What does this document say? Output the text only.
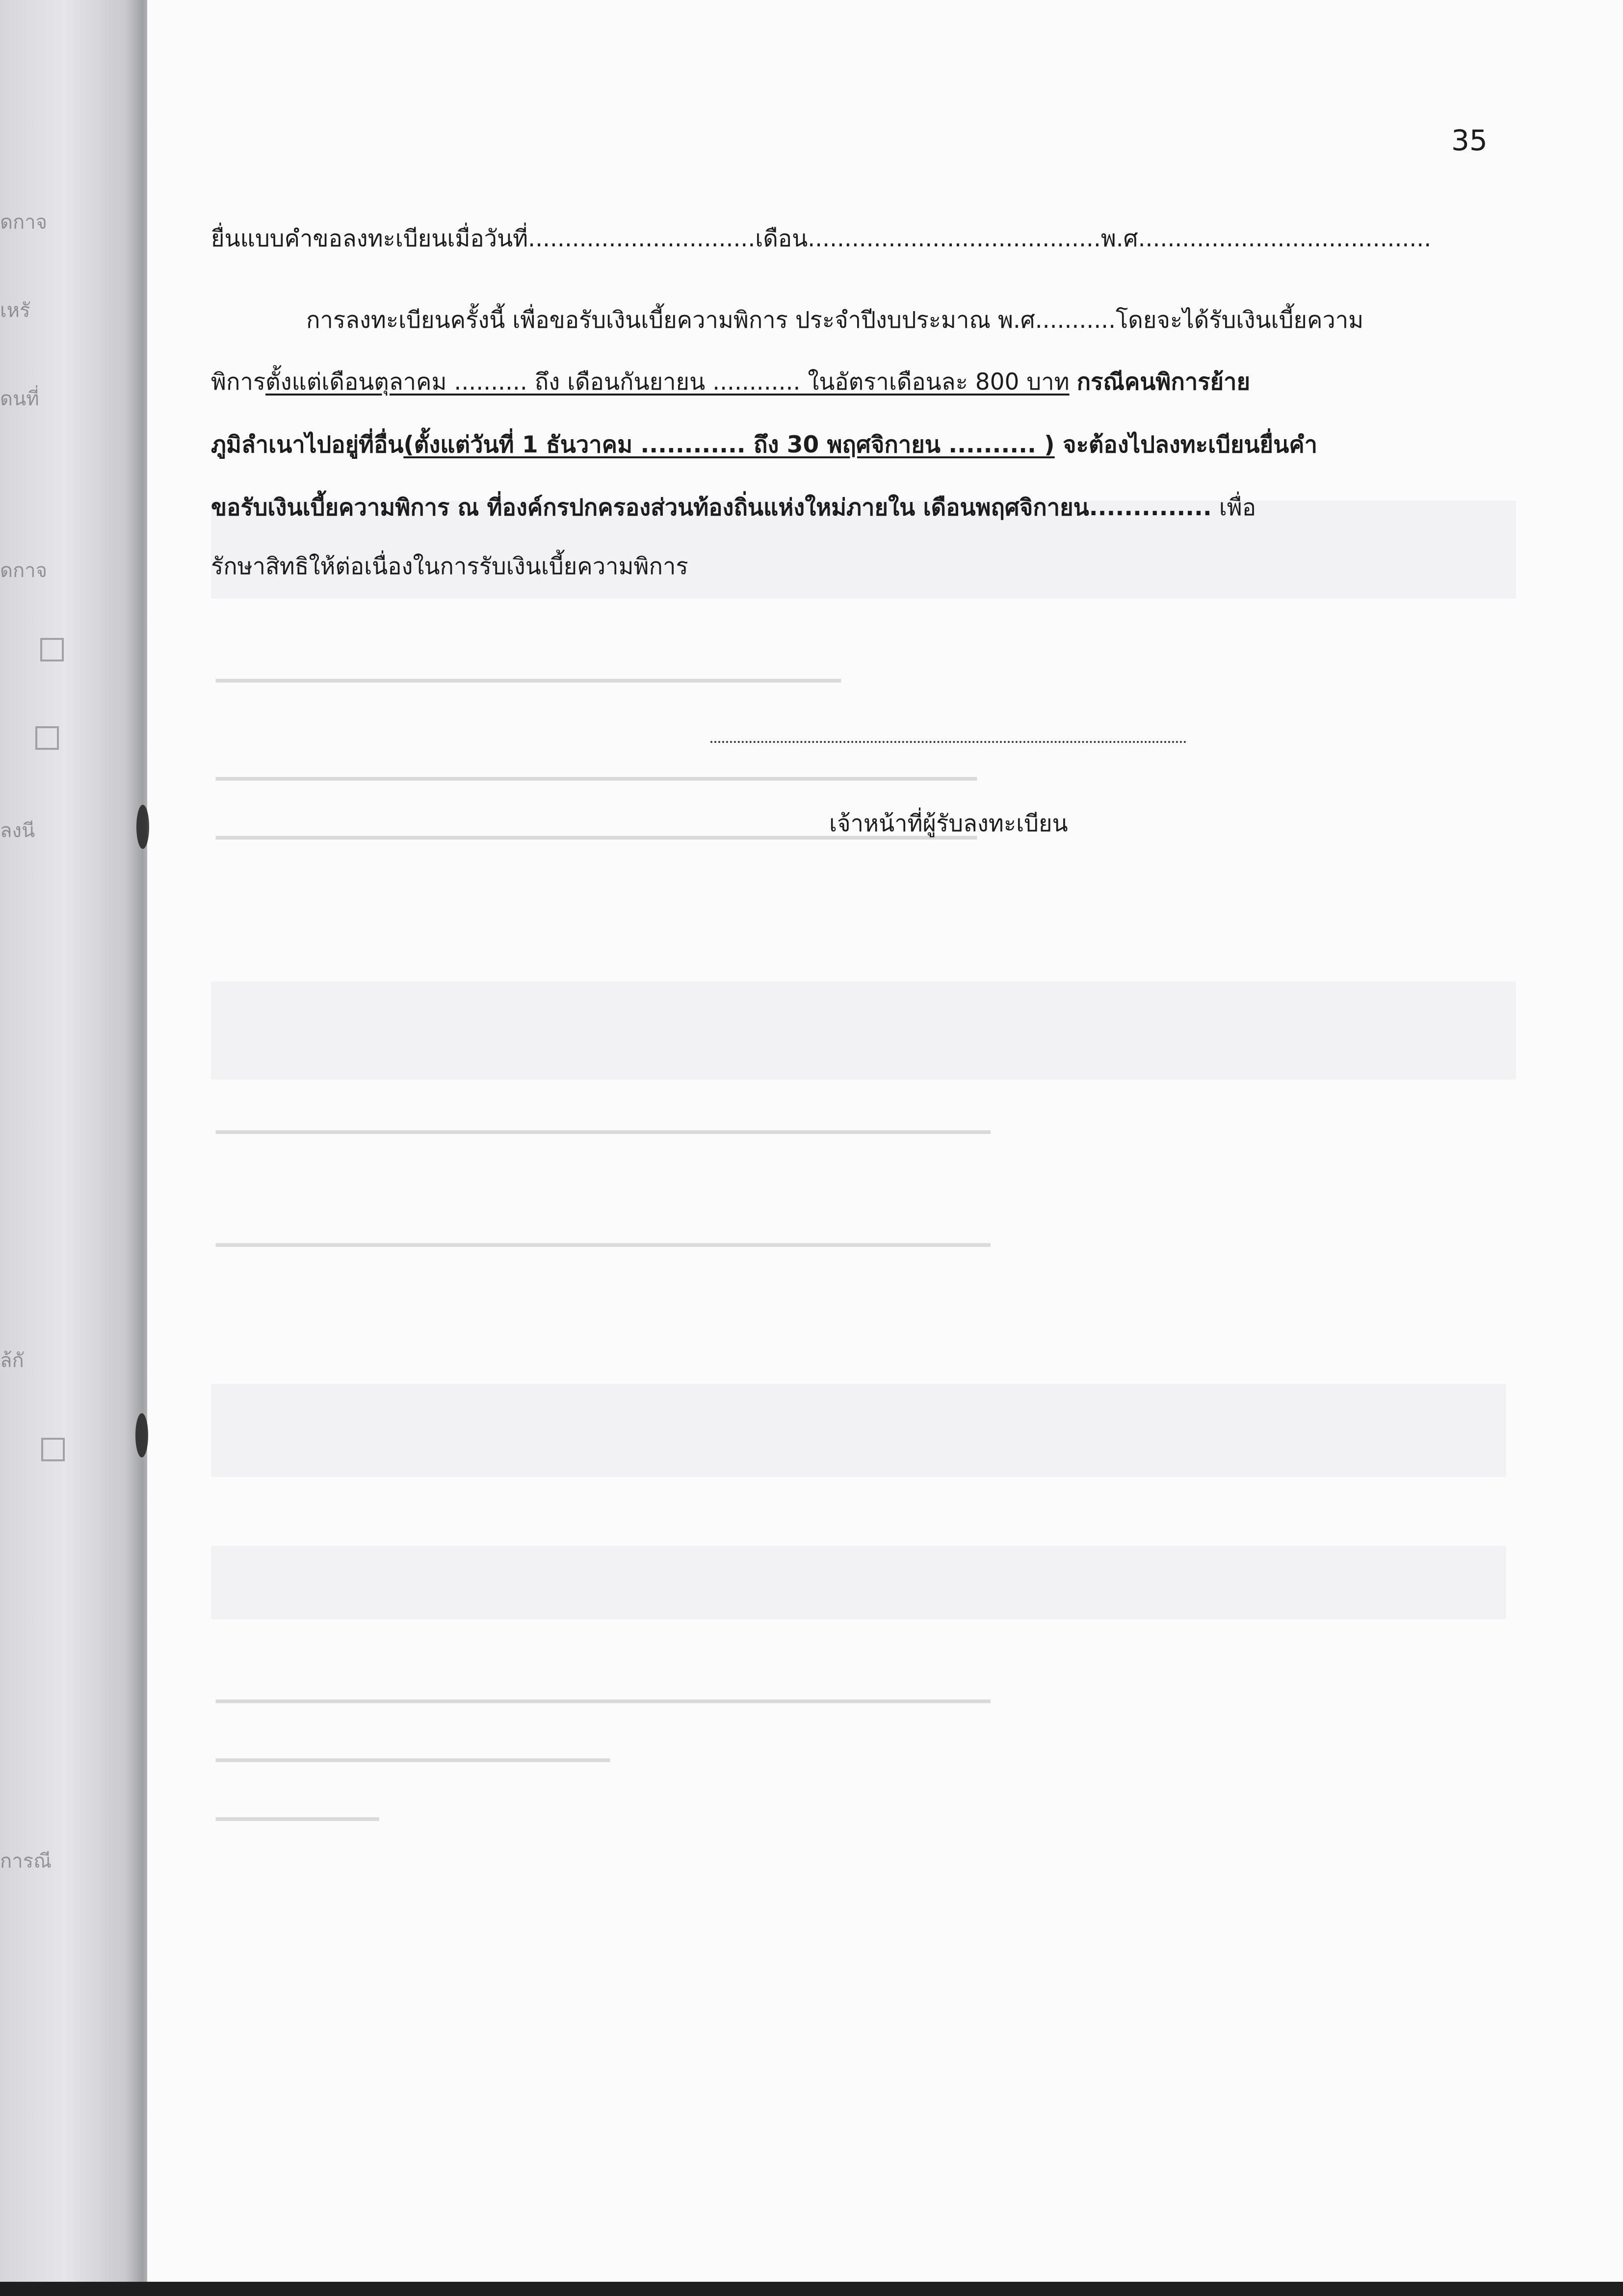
ดกาจ
เหรั
ดนที่
ดกาจ
ลงนี
ล้กั
การณี
━━━━━━━━━━━━━━━━━━━━━━━━━━━━━━━━━━━━━━━━━━━━━━
━━━━━━━━━━━━━━━━━━━━━━━━━━━━━━━━━━━━━━━━━━━━━━━━━━━━━━━━
━━━━━━━━━━━━━━━━━━━━━━━━━━━━━━━━━━━━━━━━━━━━━━━━━━━━━━━━
━━━━━━━━━━━━━━━━━━━━━━━━━━━━━━━━━━━━━━━━━━━━━━━━━━━━━━━━━
━━━━━━━━━━━━━━━━━━━━━━━━━━━━━━━━━━━━━━━━━━━━━━━━━━━━━━━━━
━━━━━━━━━━━━━━━━━━━━━━━━━━━━━━━━━━━━━━━━━━━━━━━━━━━━━━━━━
━━━━━━━━━━━━━━━━━━━━━━━━━━━━━
━━━━━━━━━━━━
35
ยื่นแบบคำขอลงทะเบียนเมื่อวันที่...............................เดือน........................................พ.ศ........................................
การลงทะเบียนครั้งนี้ เพื่อขอรับเงินเบี้ยความพิการ ประจำปีงบประมาณ พ.ศ...........โดยจะได้รับเงินเบี้ยความ
พิการตั้งแต่เดือนตุลาคม .......... ถึง เดือนกันยายน ............ ในอัตราเดือนละ 800 บาท กรณีคนพิการย้าย
ภูมิลำเนาไปอยู่ที่อื่น(ตั้งแต่วันที่ 1 ธันวาคม ............ ถึง 30 พฤศจิกายน .......... ) จะต้องไปลงทะเบียนยื่นคำ
ขอรับเงินเบี้ยความพิการ ณ ที่องค์กรปกครองส่วนท้องถิ่นแห่งใหม่ภายใน เดือนพฤศจิกายน.............. เพื่อ
รักษาสิทธิให้ต่อเนื่องในการรับเงินเบี้ยความพิการ
เจ้าหน้าที่ผู้รับลงทะเบียน
